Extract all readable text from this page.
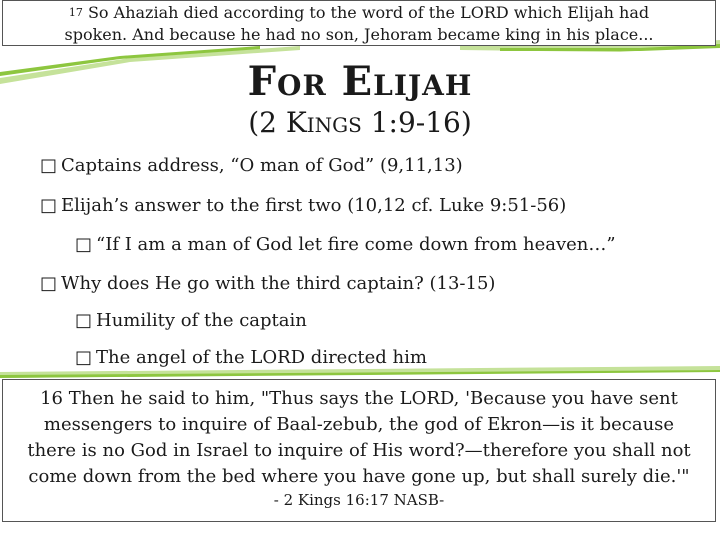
$^{17}$ So Ahaziah died according to the word of the LORD which Elijah had
spoken. And because he had no son, Jehoram became king in his place...
For Elijah
(2 Kings 1:9-16)
□ Captains address, “O man of God” (9,11,13)
□ Elijah’s answer to the first two (10,12 cf. Luke 9:51-56)
□ “If I am a man of God let fire come down from heaven…”
□ Why does He go with the third captain? (13-15)
□ Humility of the captain
□ The angel of the LORD directed him
16 Then he said to him, "Thus says the LORD, 'Because you have sent
messengers to inquire of Baal-zebub, the god of Ekron—is it because
there is no God in Israel to inquire of His word?—therefore you shall not
come down from the bed where you have gone up, but shall surely die.'"
- 2 Kings 16:17 NASB-
